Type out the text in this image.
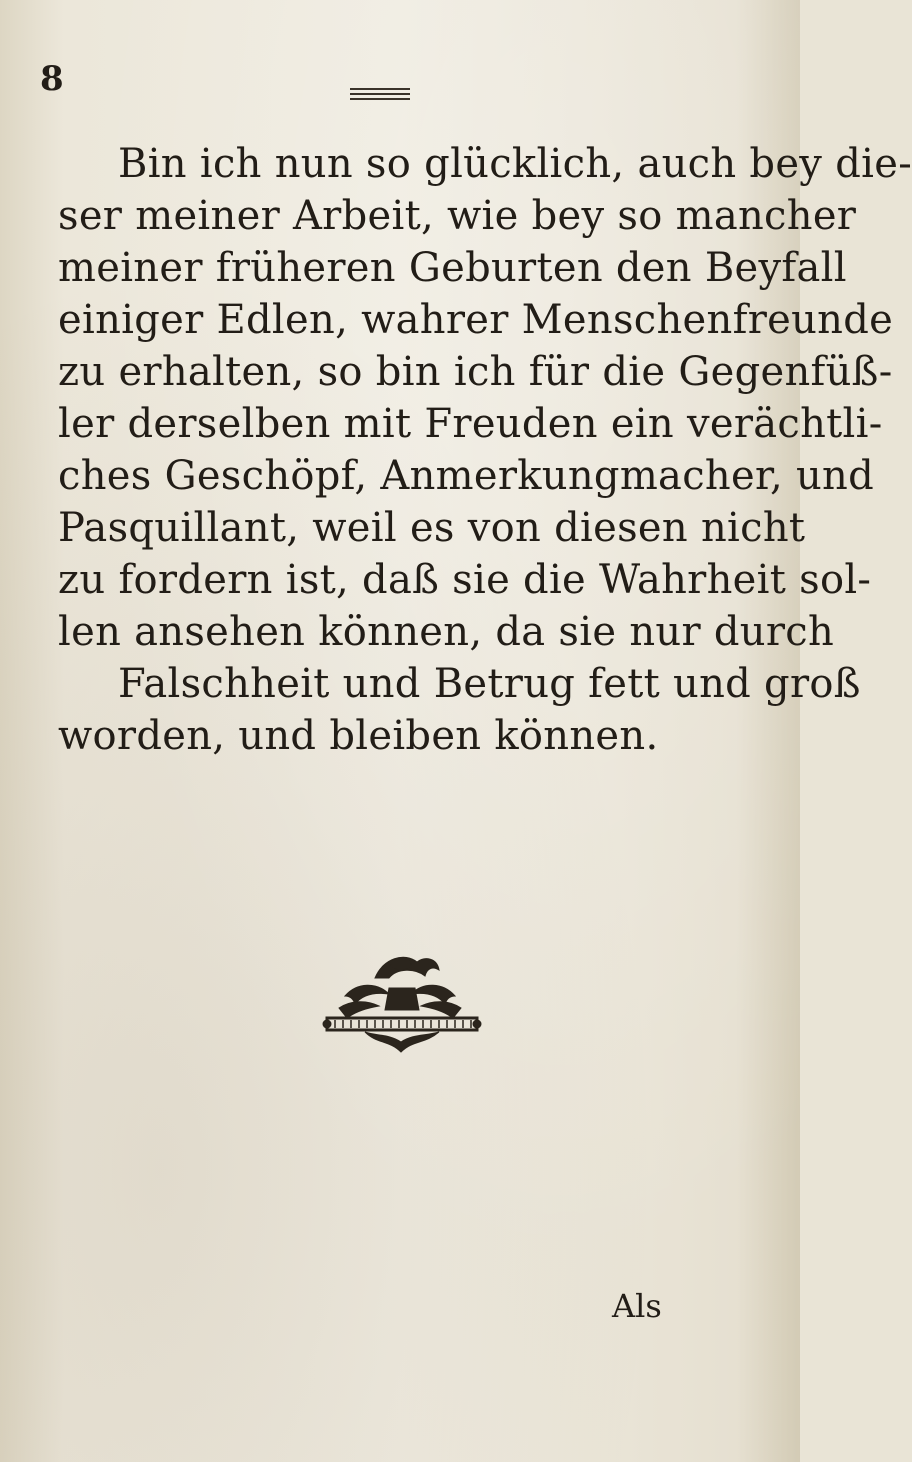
8
Bin ich nun so glücklich, auch bey die-
ser meiner Arbeit, wie bey so mancher
meiner früheren Geburten den Beyfall
einiger Edlen, wahrer Menschenfreunde
zu erhalten, so bin ich für die Gegenfüß-
ler derselben mit Freuden ein verächtli-
ches Geschöpf, Anmerkungmacher, und
Pasquillant, weil es von diesen nicht
zu fordern ist, daß sie die Wahrheit sol-
len ansehen können, da sie nur durch
Falschheit und Betrug fett und groß
worden, und bleiben können.
Als
